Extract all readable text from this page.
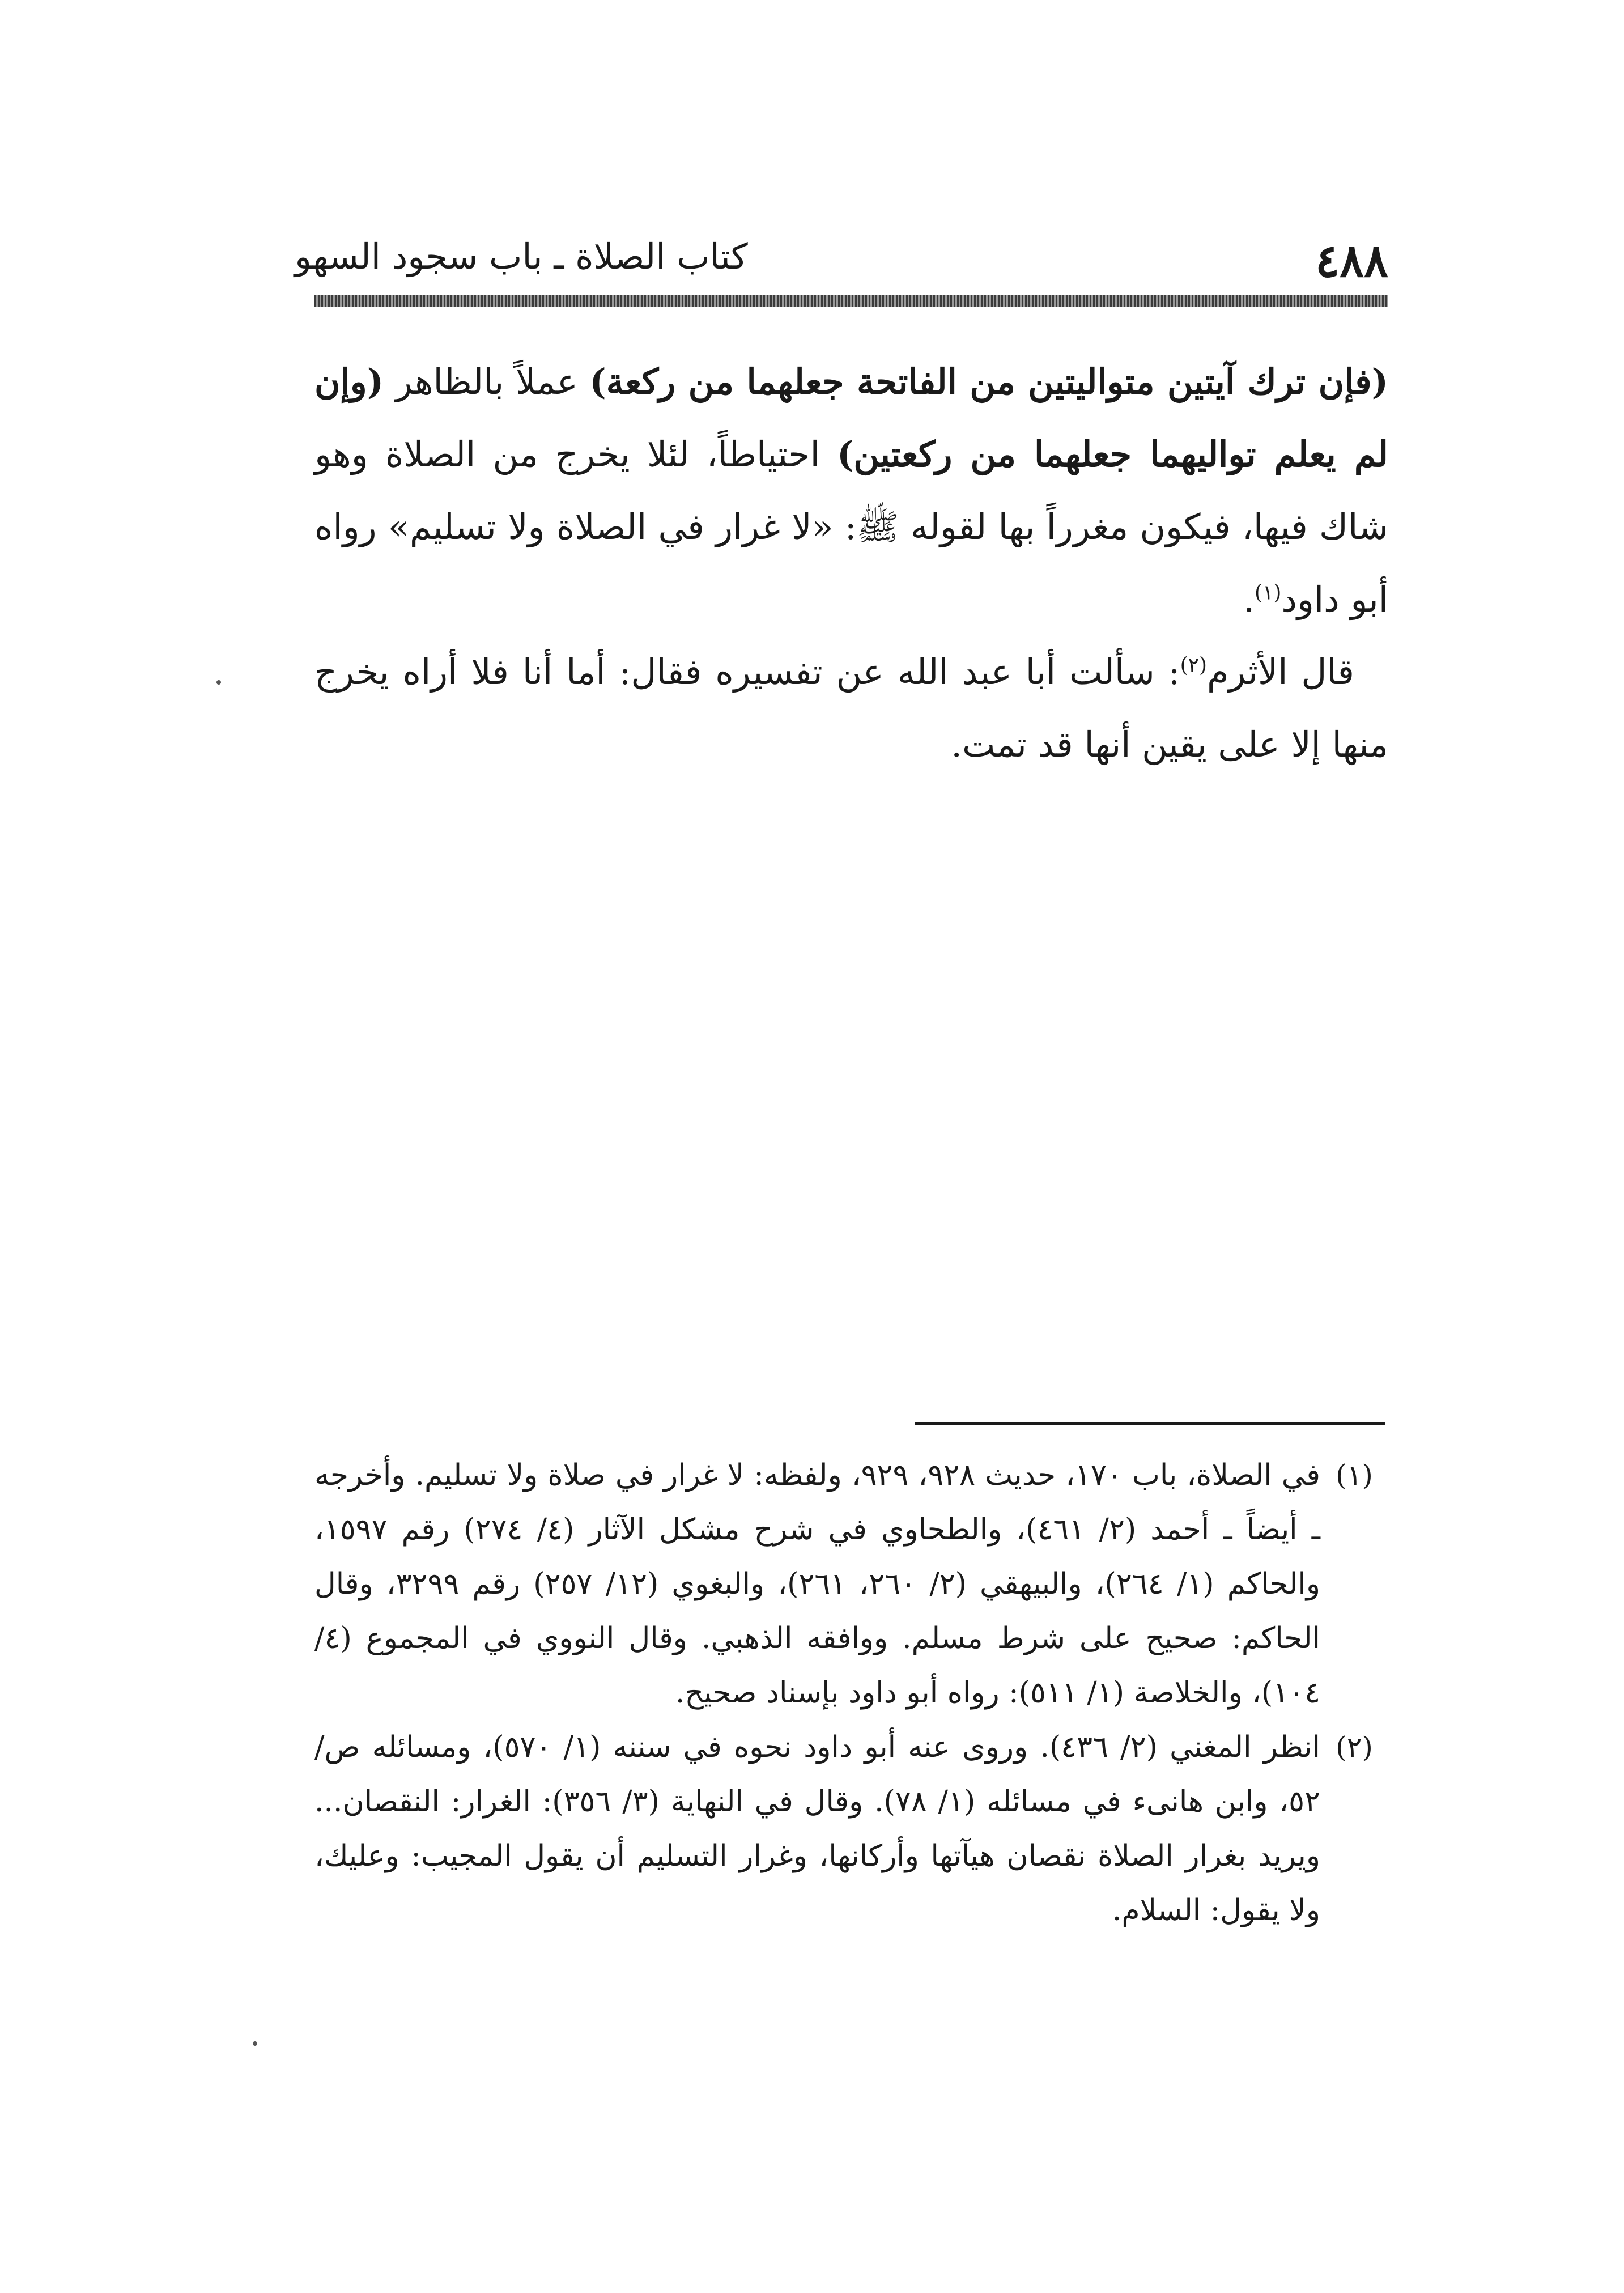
كتاب الصلاة ـ باب سجود السهو	٤٨٨

(فإن ترك آيتين متواليتين من الفاتحة جعلهما من ركعة) عملاً بالظاهر (وإن لم يعلم تواليهما جعلهما من ركعتين) احتياطاً، لئلا يخرج من الصلاة وهو شاك فيها، فيكون مغرراً بها لقوله ﷺ: «لا غرار في الصلاة ولا تسليم» رواه أبو داود$^{(١)}$.

قال الأثرم$^{(٢)}$: سألت أبا عبد الله عن تفسيره فقال: أما أنا فلا أراه يخرج منها إلا على يقين أنها قد تمت.

(١)
في الصلاة، باب ١٧٠، حديث ٩٢٨، ٩٢٩، ولفظه: لا غرار في صلاة ولا تسليم. وأخرجه ـ أيضاً ـ أحمد (٢/ ٤٦١)، والطحاوي في شرح مشكل الآثار (٤/ ٢٧٤) رقم ١٥٩٧، والحاكم (١/ ٢٦٤)، والبيهقي (٢/ ٢٦٠، ٢٦١)، والبغوي (١٢/ ٢٥٧) رقم ٣٢٩٩، وقال الحاكم: صحيح على شرط مسلم. ووافقه الذهبي. وقال النووي في المجموع (٤/ ١٠٤)، والخلاصة (١/ ٥١١): رواه أبو داود بإسناد صحيح.
(٢)
انظر المغني (٢/ ٤٣٦). وروى عنه أبو داود نحوه في سننه (١/ ٥٧٠)، ومسائله ص/ ٥٢، وابن هانىء في مسائله (١/ ٧٨). وقال في النهاية (٣/ ٣٥٦): الغرار: النقصان... ويريد بغرار الصلاة نقصان هيآتها وأركانها، وغرار التسليم أن يقول المجيب: وعليك، ولا يقول: السلام.
